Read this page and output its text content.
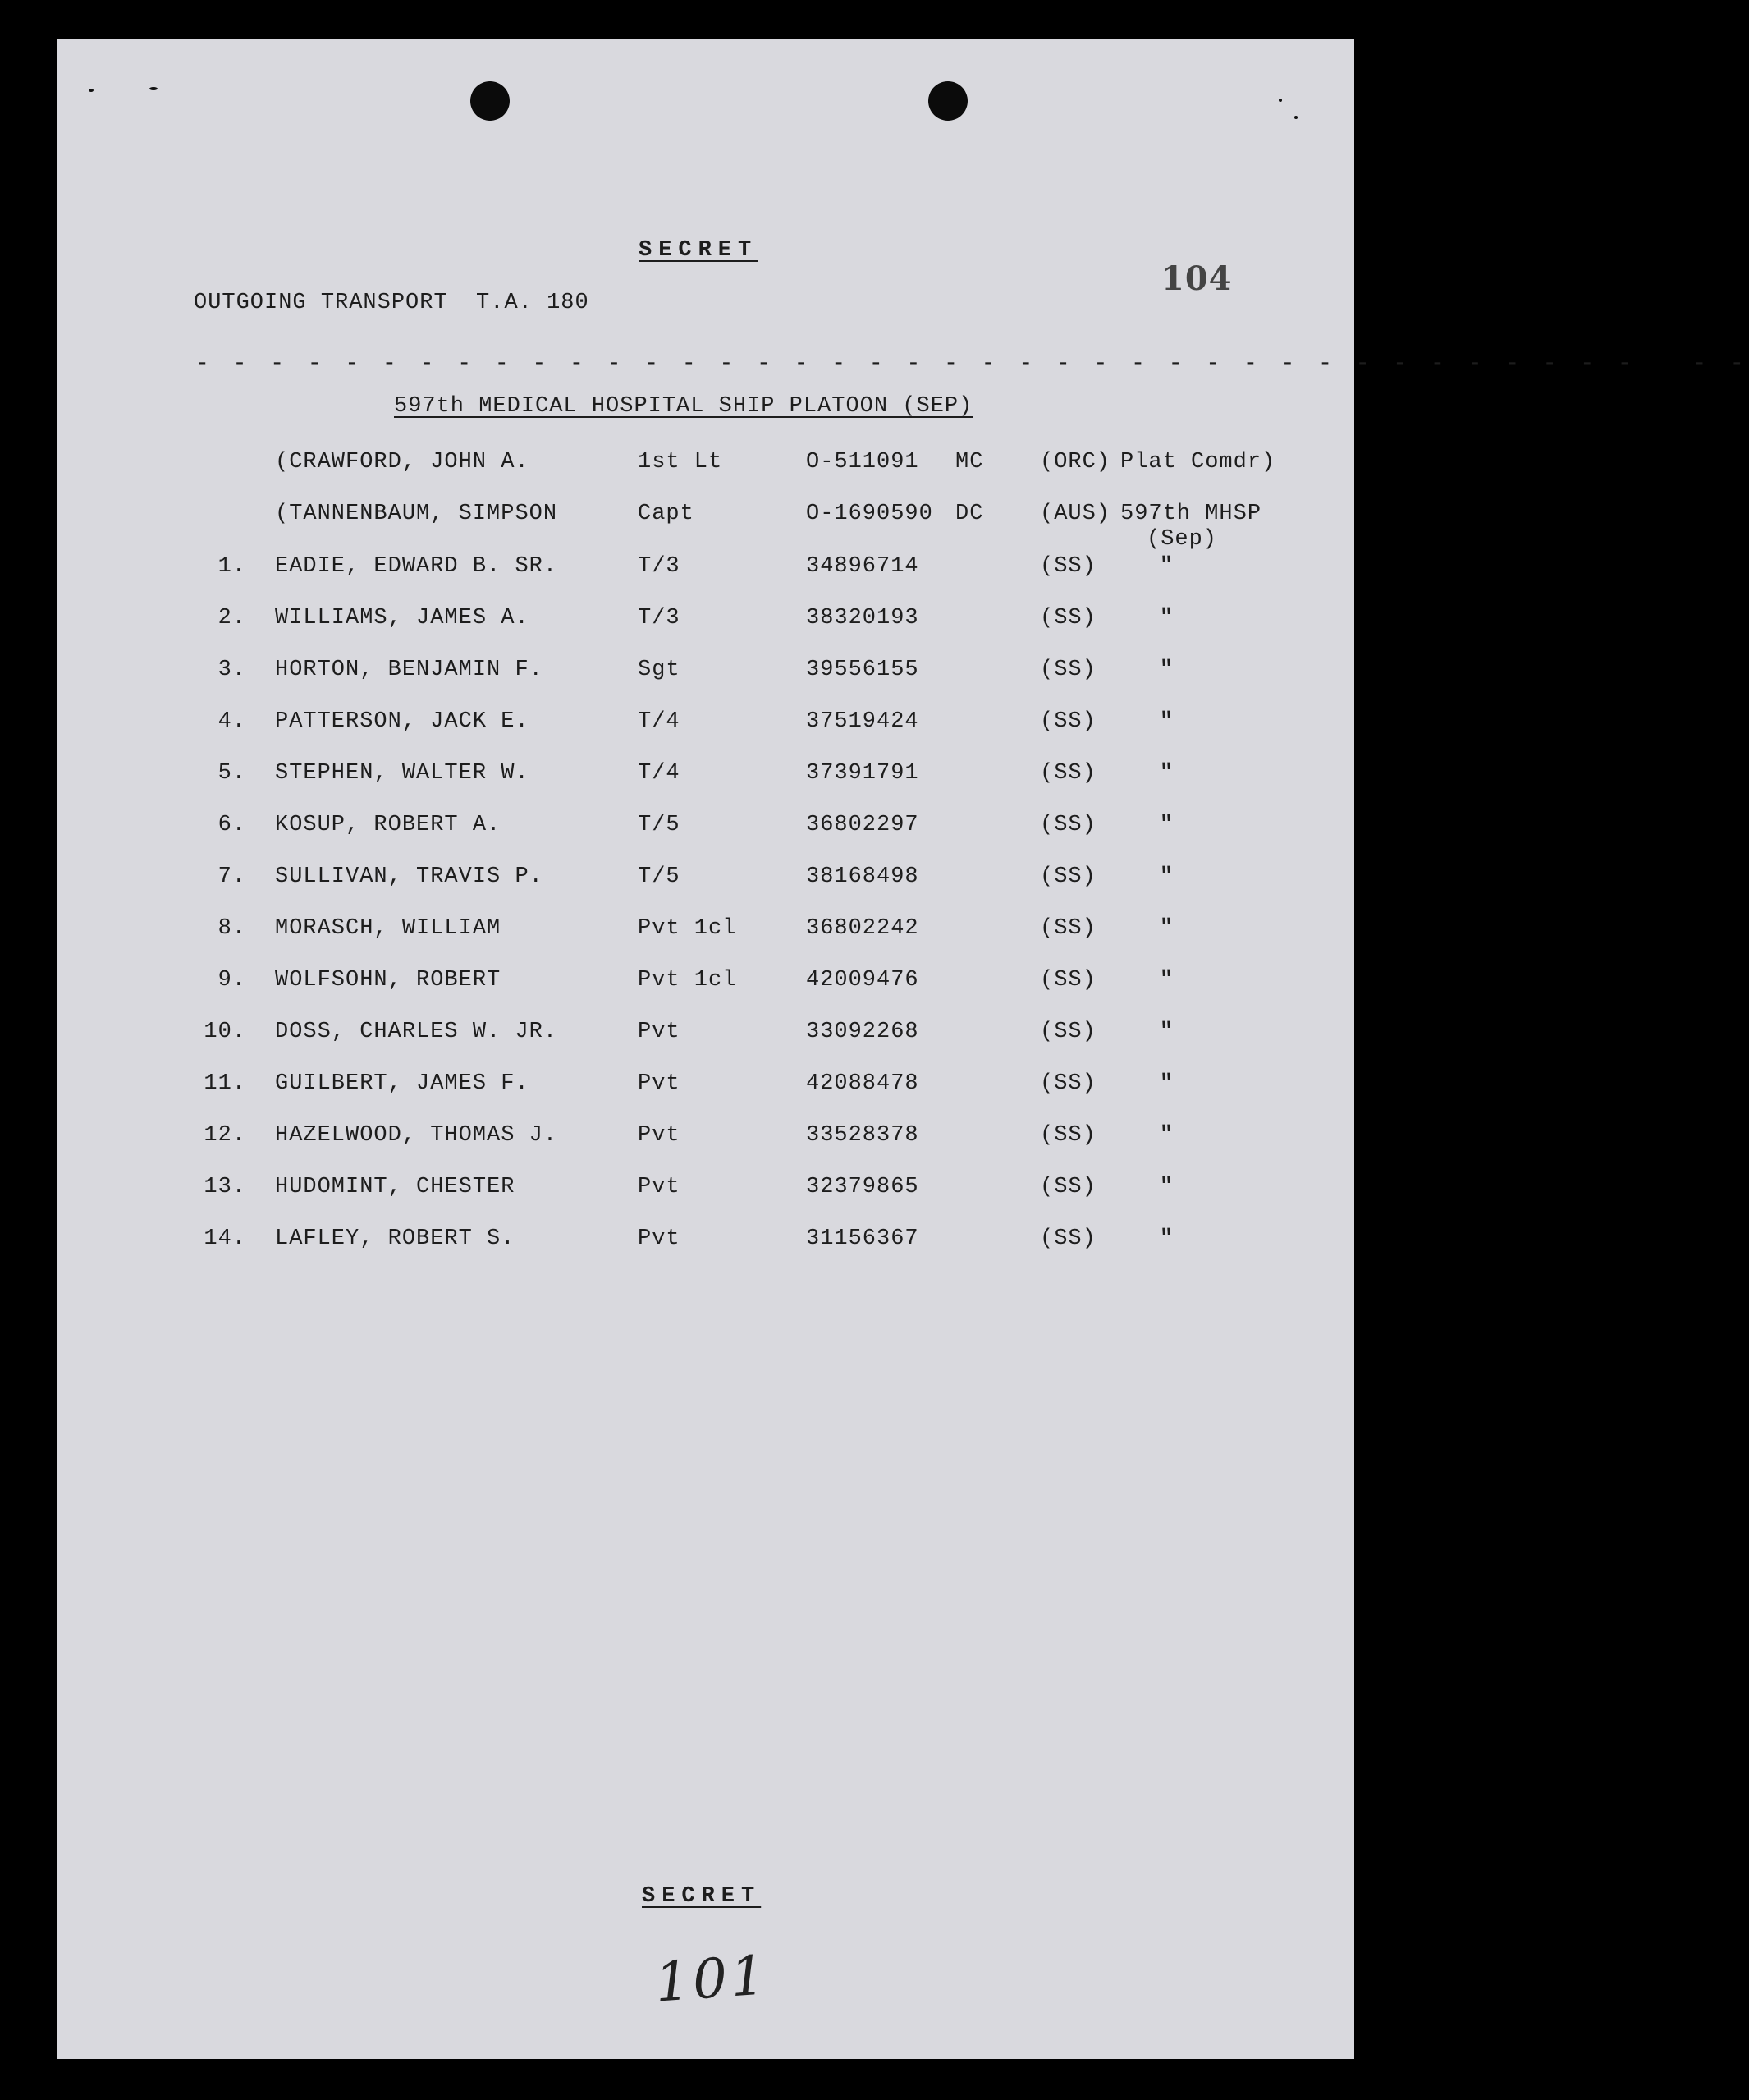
SECRET
OUTGOING TRANSPORT  T.A. 180
104
- - - - - - - - - - - - - - - - - - - - - - - - - - - - - - - - - - - - - - -   - -
597th MEDICAL HOSPITAL SHIP PLATOON (SEP)
(CRAWFORD, JOHN A.	1st Lt	O-511091 MC	(ORC) Plat Comdr)
(TANNENBAUM, SIMPSON	Capt	O-1690590 DC	(AUS) 597th MHSP
(Sep)
1. EADIE, EDWARD B. SR.	T/3	34896714	(SS)	"
2. WILLIAMS, JAMES A.	T/3	38320193	(SS)	"
3. HORTON, BENJAMIN F.	Sgt	39556155	(SS)	"
4. PATTERSON, JACK E.	T/4	37519424	(SS)	"
5. STEPHEN, WALTER W.	T/4	37391791	(SS)	"
6. KOSUP, ROBERT A.	T/5	36802297	(SS)	"
7. SULLIVAN, TRAVIS P.	T/5	38168498	(SS)	"
8. MORASCH, WILLIAM	Pvt 1cl	36802242	(SS)	"
9. WOLFSOHN, ROBERT	Pvt 1cl	42009476	(SS)	"
10. DOSS, CHARLES W. JR.	Pvt	33092268	(SS)	"
11. GUILBERT, JAMES F.	Pvt	42088478	(SS)	"
12. HAZELWOOD, THOMAS J.	Pvt	33528378	(SS)	"
13. HUDOMINT, CHESTER	Pvt	32379865	(SS)	"
14. LAFLEY, ROBERT S.	Pvt	31156367	(SS)	"
SECRET
101
